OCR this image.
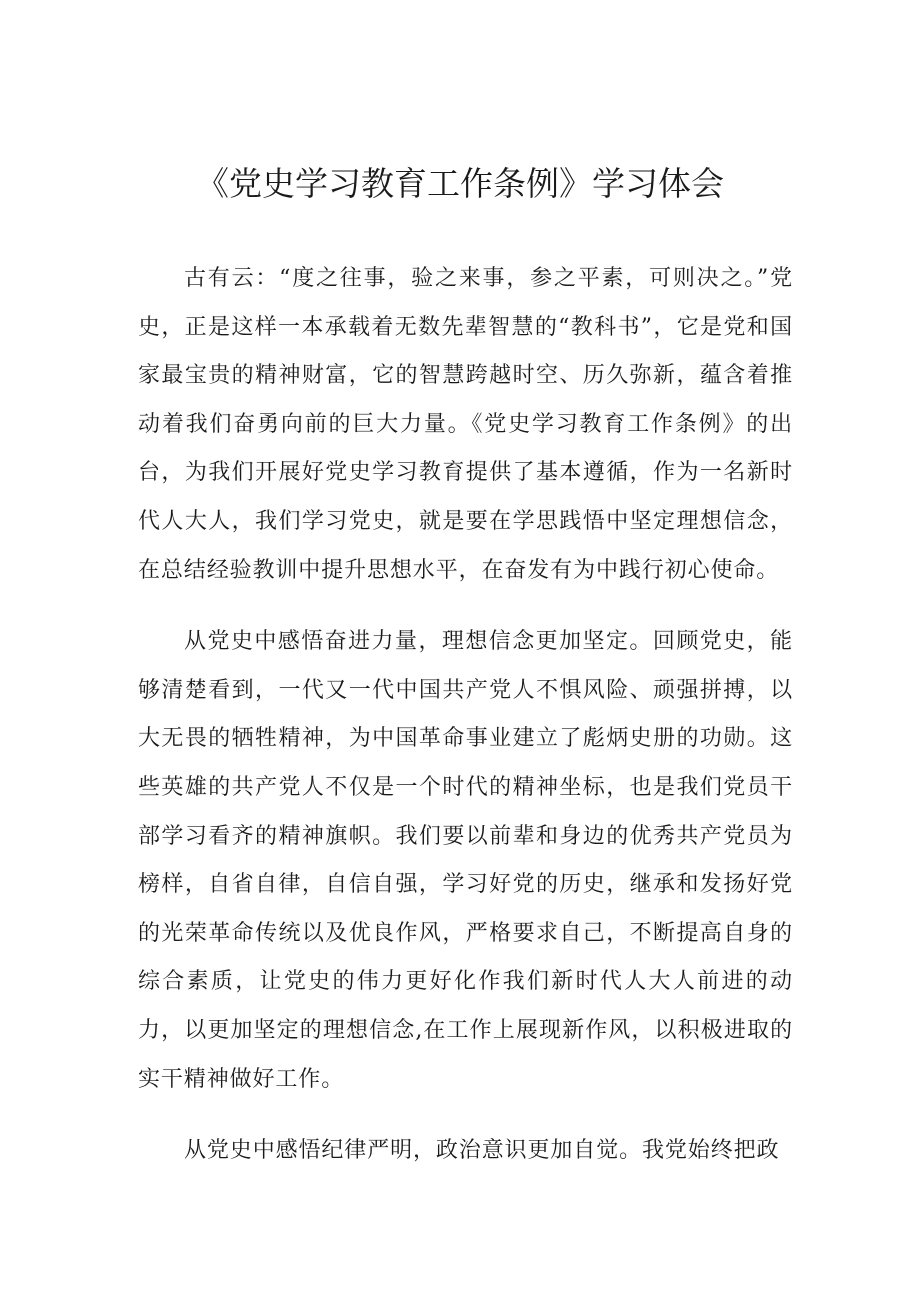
《党史学习教育工作条例》学习体会

古有云：“度之往事，验之来事，参之平素，可则决之。”党史，正是这样一本承载着无数先辈智慧的“教科书”，它是党和国家最宝贵的精神财富，它的智慧跨越时空、历久弥新，蕴含着推动着我们奋勇向前的巨大力量。《党史学习教育工作条例》的出台，为我们开展好党史学习教育提供了基本遵循，作为一名新时代人大人，我们学习党史，就是要在学思践悟中坚定理想信念，在总结经验教训中提升思想水平，在奋发有为中践行初心使命。

从党史中感悟奋进力量，理想信念更加坚定。回顾党史，能够清楚看到，一代又一代中国共产党人不惧风险、顽强拼搏，以大无畏的牺牲精神，为中国革命事业建立了彪炳史册的功勋。这些英雄的共产党人不仅是一个时代的精神坐标，也是我们党员干部学习看齐的精神旗帜。我们要以前辈和身边的优秀共产党员为榜样，自省自律，自信自强，学习好党的历史，继承和发扬好党的光荣革命传统以及优良作风，严格要求自己，不断提高自身的综合素质，让党史的伟力更好化作我们新时代人大人前进的动力，以更加坚定的理想信念,在工作上展现新作风，以积极进取的实干精神做好工作。

从党史中感悟纪律严明，政治意识更加自觉。我党始终把政
